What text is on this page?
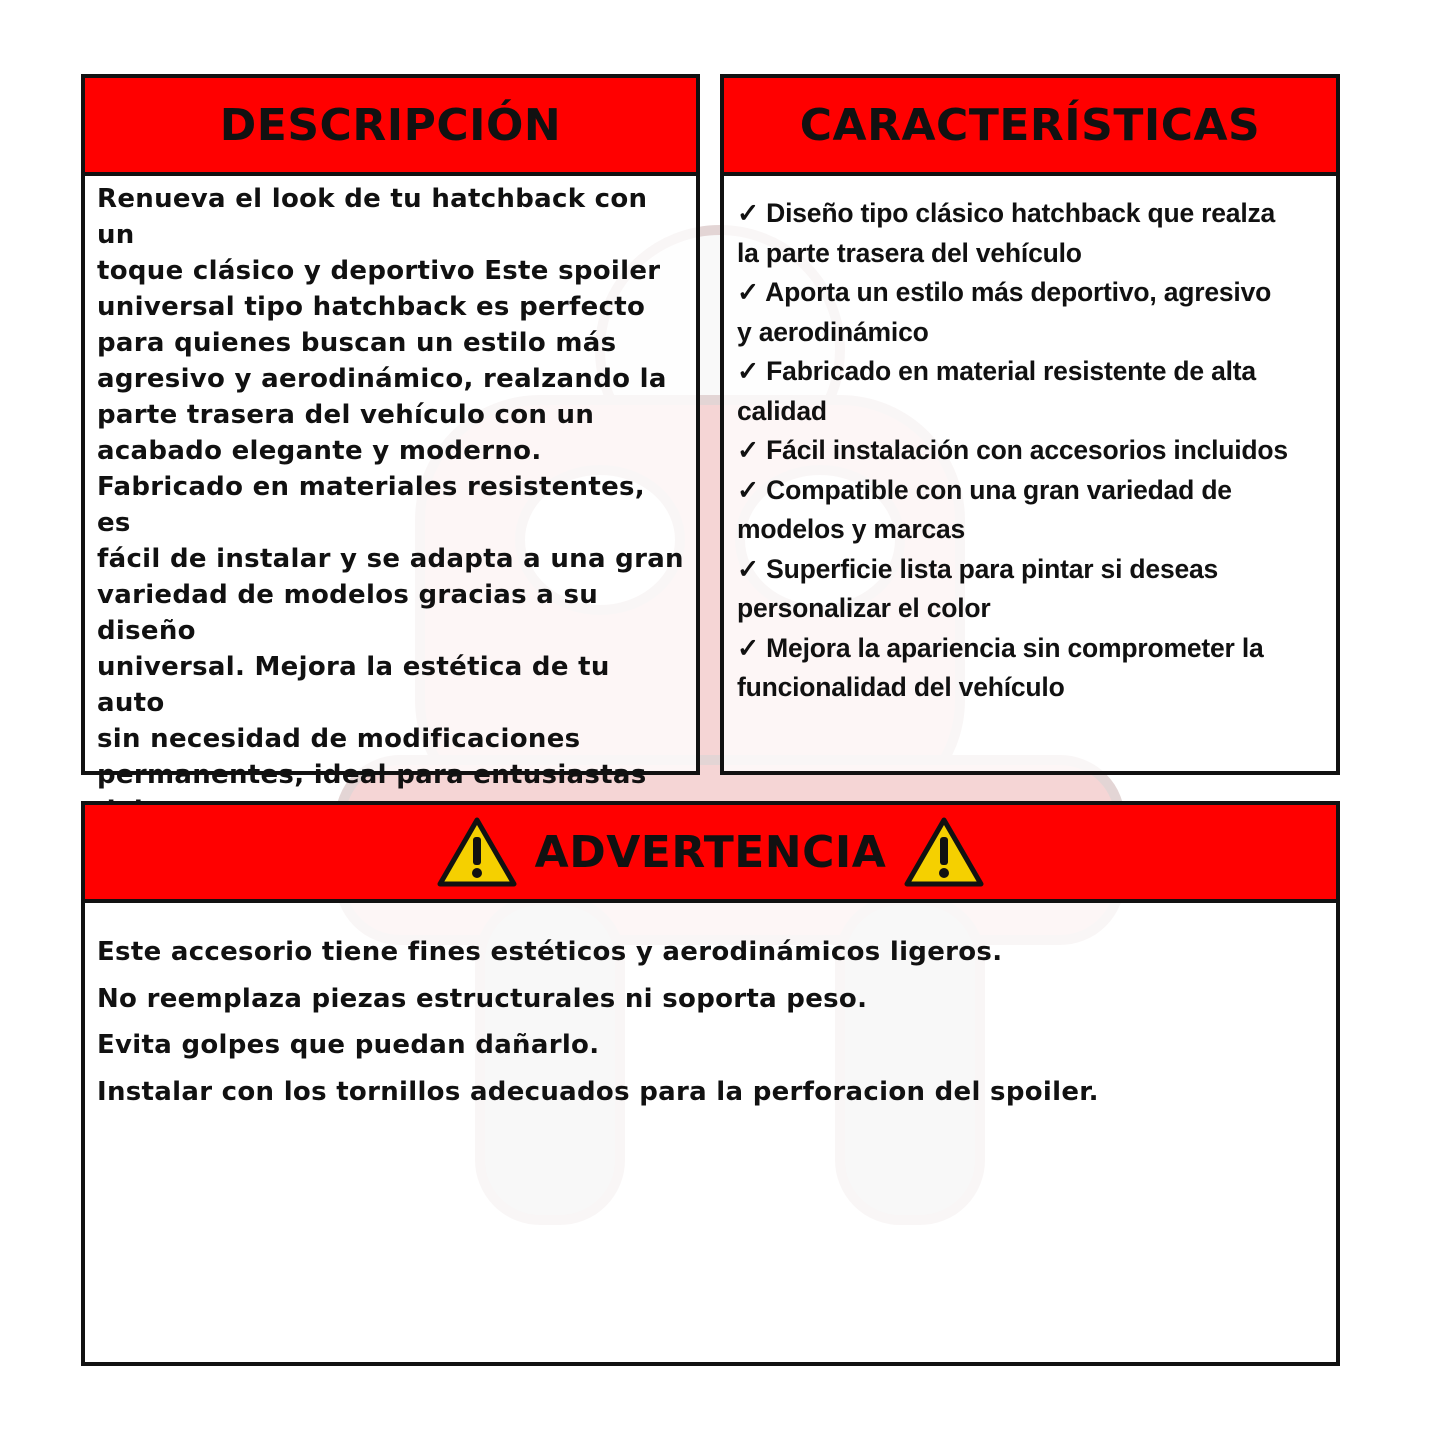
DESCRIPCIÓN
Renueva el look de tu hatchback con un
toque clásico y deportivo Este spoiler
universal tipo hatchback es perfecto
para quienes buscan un estilo más
agresivo y aerodinámico, realzando la
parte trasera del vehículo con un
acabado elegante y moderno.
Fabricado en materiales resistentes, es
fácil de instalar y se adapta a una gran
variedad de modelos gracias a su diseño
universal. Mejora la estética de tu auto
sin necesidad de modificaciones
permanentes, ideal para entusiastas
CARACTERÍSTICAS
✓ Diseño tipo clásico hatchback que realza
la parte trasera del vehículo
✓ Aporta un estilo más deportivo, agresivo
y aerodinámico
✓ Fabricado en material resistente de alta
calidad
✓ Fácil instalación con accesorios incluidos
✓ Compatible con una gran variedad de
modelos y marcas
✓ Superficie lista para pintar si deseas
personalizar el color
✓ Mejora la apariencia sin comprometer la
funcionalidad del vehículo
ADVERTENCIA
Este accesorio tiene fines estéticos y aerodinámicos ligeros.
No reemplaza piezas estructurales ni soporta peso.
Evita golpes que puedan dañarlo.
Instalar con los tornillos adecuados para la perforacion del spoiler.
